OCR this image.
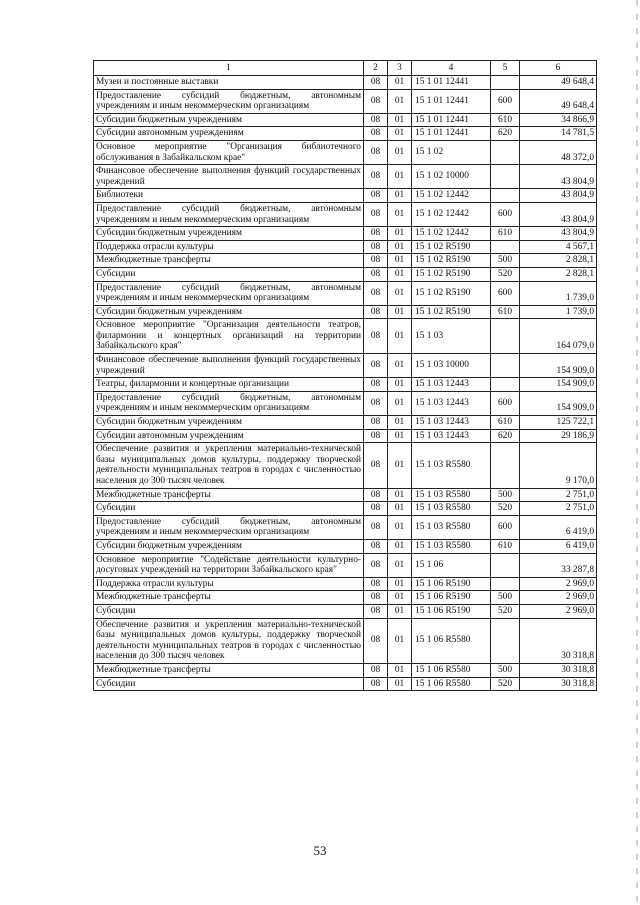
1	2	3	4	5	6
Музеи и постоянные выставки	08	01	15 1 01 12441		49 648,4
Предоставление субсидий бюджетным, автономным учреждениям и иным некоммерческим организациям	08	01	15 1 01 12441	600	49 648,4
Субсидии бюджетным учреждениям	08	01	15 1 01 12441	610	34 866,9
Субсидии автономным учреждениям	08	01	15 1 01 12441	620	14 781,5
Основное мероприятие "Организация библиотечного обслуживания в Забайкальском крае"	08	01	15 1 02		48 372,0
Финансовое обеспечение выполнения функций государственных учреждений	08	01	15 1 02 10000		43 804,9
Библиотеки	08	01	15 1 02 12442		43 804,9
Предоставление субсидий бюджетным, автономным учреждениям и иным некоммерческим организациям	08	01	15 1 02 12442	600	43 804,9
Субсидии бюджетным учреждениям	08	01	15 1 02 12442	610	43 804,9
Поддержка отрасли культуры	08	01	15 1 02 R5190		4 567,1
Межбюджетные трансферты	08	01	15 1 02 R5190	500	2 828,1
Субсидии	08	01	15 1 02 R5190	520	2 828,1
Предоставление субсидий бюджетным, автономным учреждениям и иным некоммерческим организациям	08	01	15 1 02 R5190	600	1 739,0
Субсидии бюджетным учреждениям	08	01	15 1 02 R5190	610	1 739,0
Основное мероприятие "Организация деятельности театров, филармонии и концертных организаций на территории Забайкальского края"	08	01	15 1 03		164 079,0
Финансовое обеспечение выполнения функций государственных учреждений	08	01	15 1 03 10000		154 909,0
Театры, филармонии и концертные организации	08	01	15 1 03 12443		154 909,0
Предоставление субсидий бюджетным, автономным учреждениям и иным некоммерческим организациям	08	01	15 1 03 12443	600	154 909,0
Субсидии бюджетным учреждениям	08	01	15 1 03 12443	610	125 722,1
Субсидии автономным учреждениям	08	01	15 1 03 12443	620	29 186,9
Обеспечение развития и укрепления материально-технической базы муниципальных домов культуры, поддержку творческой деятельности муниципальных театров в городах с численностью населения до 300 тысяч человек	08	01	15 1 03 R5580		9 170,0
Межбюджетные трансферты	08	01	15 1 03 R5580	500	2 751,0
Субсидии	08	01	15 1 03 R5580	520	2 751,0
Предоставление субсидий бюджетным, автономным учреждениям и иным некоммерческим организациям	08	01	15 1 03 R5580	600	6 419,0
Субсидии бюджетным учреждениям	08	01	15 1 03 R5580	610	6 419,0
Основное мероприятие "Содействие деятельности культурно-досуговых учреждений на территории Забайкальского края"	08	01	15 1 06		33 287,8
Поддержка отрасли культуры	08	01	15 1 06 R5190		2 969,0
Межбюджетные трансферты	08	01	15 1 06 R5190	500	2 969,0
Субсидии	08	01	15 1 06 R5190	520	2 969,0
Обеспечение развития и укрепления материально-технической базы муниципальных домов культуры, поддержку творческой деятельности муниципальных театров в городах с численностью населения до 300 тысяч человек	08	01	15 1 06 R5580		30 318,8
Межбюджетные трансферты	08	01	15 1 06 R5580	500	30 318,8
Субсидии	08	01	15 1 06 R5580	520	30 318,8
53
